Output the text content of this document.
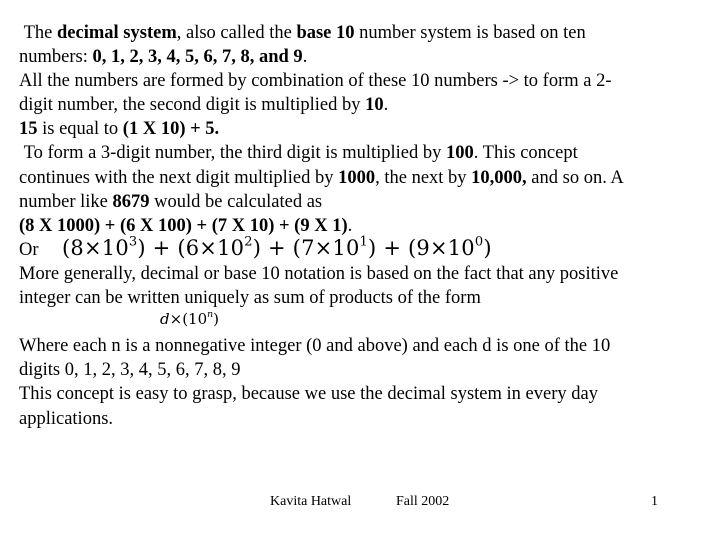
The decimal system, also called the base 10 number system is based on ten
numbers: 0, 1, 2, 3, 4, 5, 6, 7, 8, and 9.
All the numbers are formed by combination of these 10 numbers -> to form a 2-
digit number, the second digit is multiplied by 10.
15 is equal to (1 X 10) + 5.
To form a 3-digit number, the third digit is multiplied by 100. This concept
continues with the next digit multiplied by 1000, the next by 10,000, and so on. A
number like 8679 would be calculated as
(8 X 1000) + (6 X 100) + (7 X 10) + (9 X 1).
Or
More generally, decimal or base 10 notation is based on the fact that any positive
integer can be written uniquely as sum of products of the form
Where each n is a nonnegative integer (0 and above) and each d is one of the 10
digits 0, 1, 2, 3, 4, 5, 6, 7, 8, 9
This concept is easy to grasp, because we use the decimal system in every day
applications.
$(8\times 10^3) + (6\times 10^2) + (7\times 10^1) + (9\times 10^0)$
$d\times(10^n)$
Kavita Hatwal	Fall 2002	1
